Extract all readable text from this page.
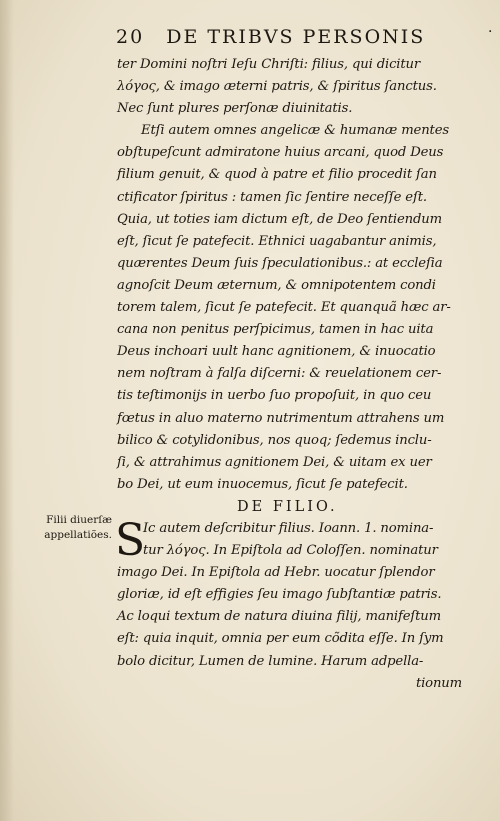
20 DE TRIBVS PERSONIS	·
Filii diuerſæ
appellatiões.
ter Domini noſtri Ieſu Chriſti: filius, qui dicitur
λόγος, & imago æterni patris, & ſpiritus ſanctus.
Nec ſunt plures perſonæ diuinitatis.
Etſi autem omnes angelicæ & humanæ mentes
obſtupeſcunt admiratone huius arcani, quod Deus
filium genuit, & quod à patre et filio procedit ſan
ctificator ſpiritus : tamen ſic ſentire neceſſe eſt.
Quia, ut toties iam dictum eſt, de Deo ſentiendum
eſt, ſicut ſe patefecit. Ethnici uagabantur animis,
quærentes Deum ſuis ſpeculationibus.: at eccleſia
agnoſcit Deum æternum, & omnipotentem condi
torem talem, ſicut ſe patefecit. Et quanquã hæc ar-
cana non penitus perſpicimus, tamen in hac uita
Deus inchoari uult hanc agnitionem, & inuocatio
nem noſtram à falſa diſcerni: & reuelationem cer-
tis teſtimonijs in uerbo ſuo propoſuit, in quo ceu
fœtus in aluo materno nutrimentum attrahens um
bilico & cotylidonibus, nos quoq; ſedemus inclu-
ſi, & attrahimus agnitionem Dei, & uitam ex uer
bo Dei, ut eum inuocemus, ſicut ſe patefecit.
DE FILIO.
S
Ic autem deſcribitur filius. Ioann. 1. nomina-
tur λόγος. In Epiſtola ad Coloſſen. nominatur
imago Dei. In Epiſtola ad Hebr. uocatur ſplendor
gloriæ, id eſt effigies ſeu imago ſubſtantiæ patris.
Ac loqui textum de natura diuina filij, manifeſtum
eſt: quia inquit, omnia per eum cõdita eſſe. In ſym
bolo dicitur, Lumen de lumine. Harum adpella-
tionum
